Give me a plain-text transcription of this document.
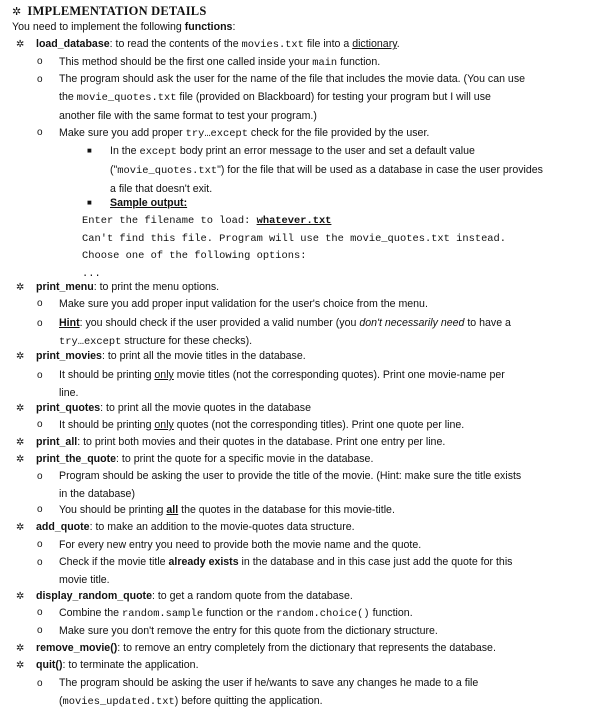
✲ IMPLEMENTATION DETAILS
You need to implement the following functions:
✲ load_database: to read the contents of the movies.txt file into a dictionary.
o This method should be the first one called inside your main function.
o The program should ask the user for the name of the file that includes the movie data. (You can use
the movie_quotes.txt file (provided on Blackboard) for testing your program but I will use
another file with the same format to test your program.)
o Make sure you add proper try…except check for the file provided by the user.
■ In the except body print an error message to the user and set a default value
("movie_quotes.txt") for the file that will be used as a database in case the user provides
a file that doesn't exit.
■ Sample output:
Enter the filename to load: whatever.txt
Can't find this file. Program will use the movie_quotes.txt instead.
Choose one of the following options:
...
✲ print_menu: to print the menu options.
o Make sure you add proper input validation for the user's choice from the menu.
o Hint: you should check if the user provided a valid number (you don't necessarily need to have a
try…except structure for these checks).
✲ print_movies: to print all the movie titles in the database.
o It should be printing only movie titles (not the corresponding quotes). Print one movie-name per
line.
✲ print_quotes: to print all the movie quotes in the database
o It should be printing only quotes (not the corresponding titles). Print one quote per line.
✲ print_all: to print both movies and their quotes in the database. Print one entry per line.
✲ print_the_quote: to print the quote for a specific movie in the database.
o Program should be asking the user to provide the title of the movie. (Hint: make sure the title exists
in the database)
o You should be printing all the quotes in the database for this movie-title.
✲ add_quote: to make an addition to the movie-quotes data structure.
o For every new entry you need to provide both the movie name and the quote.
o Check if the movie title already exists in the database and in this case just add the quote for this
movie title.
✲ display_random_quote: to get a random quote from the database.
o Combine the random.sample function or the random.choice() function.
o Make sure you don't remove the entry for this quote from the dictionary structure.
✲ remove_movie(): to remove an entry completely from the dictionary that represents the database.
✲ quit(): to terminate the application.
o The program should be asking the user if he/wants to save any changes he made to a file
(movies_updated.txt) before quitting the application.
